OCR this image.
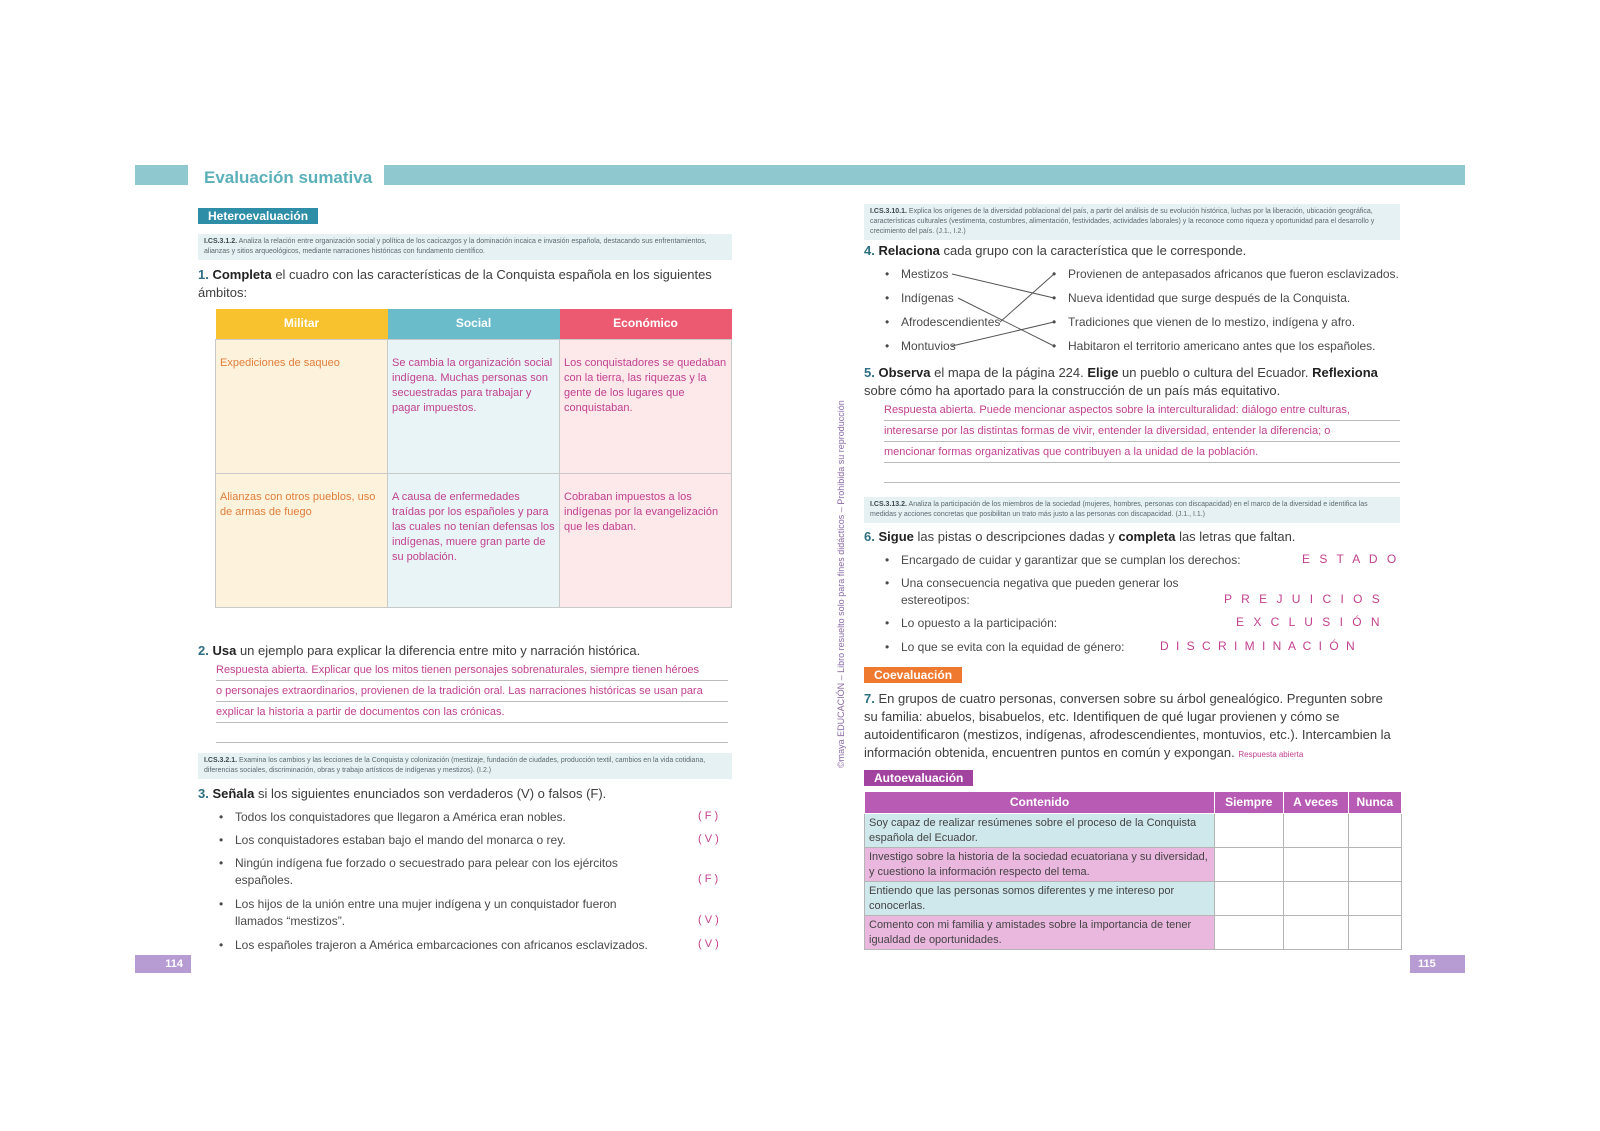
Evaluación sumativa
Heteroevaluación
I.CS.3.1.2. Analiza la relación entre organización social y política de los cacicazgos y la dominación incaica e invasión española, destacando sus enfrentamientos, alianzas y sitios arqueológicos, mediante narraciones históricas con fundamento científico.
1. Completa el cuadro con las características de la Conquista española en los siguientes ámbitos:
Militar	Social	Económico
Expediciones de saqueo	Se cambia la organización social indígena. Muchas personas son secuestradas para trabajar y pagar impuestos.	Los conquistadores se quedaban con la tierra, las riquezas y la gente de los lugares que conquistaban.
Alianzas con otros pueblos, uso de armas de fuego	A causa de enfermedades traídas por los españoles y para las cuales no tenían defensas los indígenas, muere gran parte de su población.	Cobraban impuestos a los indígenas por la evangelización que les daban.
2. Usa un ejemplo para explicar la diferencia entre mito y narración histórica.
Respuesta abierta. Explicar que los mitos tienen personajes sobrenaturales, siempre tienen héroes
o personajes extraordinarios, provienen de la tradición oral. Las narraciones históricas se usan para
explicar la historia a partir de documentos con las crónicas.
I.CS.3.2.1. Examina los cambios y las lecciones de la Conquista y colonización (mestizaje, fundación de ciudades, producción textil, cambios en la vida cotidiana, diferencias sociales, discriminación, obras y trabajo artísticos de indígenas y mestizos). (I.2.)
3. Señala si los siguientes enunciados son verdaderos (V) o falsos (F).
• Todos los conquistadores que llegaron a América eran nobles.	( F )
• Los conquistadores estaban bajo el mando del monarca o rey.	( V )
• Ningún indígena fue forzado o secuestrado para pelear con los ejércitos españoles.	( F )
• Los hijos de la unión entre una mujer indígena y un conquistador fueron llamados “mestizos”.	( V )
• Los españoles trajeron a América embarcaciones con africanos esclavizados.	( V )
114
©maya EDUCACIÓN – Libro resuelto solo para fines didácticos – Prohibida su reproducción
I.CS.3.10.1. Explica los orígenes de la diversidad poblacional del país, a partir del análisis de su evolución histórica, luchas por la liberación, ubicación geográfica, características culturales (vestimenta, costumbres, alimentación, festividades, actividades laborales) y la reconoce como riqueza y oportunidad para el desarrollo y crecimiento del país. (J.1., I.2.)
4. Relaciona cada grupo con la característica que le corresponde.
• Mestizos
• Indígenas
• Afrodescendientes
• Montuvios
• Provienen de antepasados africanos que fueron esclavizados.
• Nueva identidad que surge después de la Conquista.
• Tradiciones que vienen de lo mestizo, indígena y afro.
• Habitaron el territorio americano antes que los españoles.
5. Observa el mapa de la página 224. Elige un pueblo o cultura del Ecuador. Reflexiona sobre cómo ha aportado para la construcción de un país más equitativo.
Respuesta abierta. Puede mencionar aspectos sobre la interculturalidad: diálogo entre culturas,
interesarse por las distintas formas de vivir, entender la diversidad, entender la diferencia; o
mencionar formas organizativas que contribuyen a la unidad de la población.
I.CS.3.13.2. Analiza la participación de los miembros de la sociedad (mujeres, hombres, personas con discapacidad) en el marco de la diversidad e identifica las medidas y acciones concretas que posibilitan un trato más justo a las personas con discapacidad. (J.1., I.1.)
6. Sigue las pistas o descripciones dadas y completa las letras que faltan.
• Encargado de cuidar y garantizar que se cumplan los derechos:	E S T A D O
• Una consecuencia negativa que pueden generar los estereotipos:	P R E J U I C I O S
• Lo opuesto a la participación:	E X C L U S I Ó N
• Lo que se evita con la equidad de género:	D I S C R I M I N A C I Ó N
Coevaluación
7. En grupos de cuatro personas, conversen sobre su árbol genealógico. Pregunten sobre su familia: abuelos, bisabuelos, etc. Identifiquen de qué lugar provienen y cómo se autoidentificaron (mestizos, indígenas, afrodescendientes, montuvios, etc.). Intercambien la información obtenida, encuentren puntos en común y expongan. Respuesta abierta
Autoevaluación
Contenido	Siempre	A veces	Nunca
Soy capaz de realizar resúmenes sobre el proceso de la Conquista española del Ecuador.			
Investigo sobre la historia de la sociedad ecuatoriana y su diversidad, y cuestiono la información respecto del tema.			
Entiendo que las personas somos diferentes y me intereso por conocerlas.			
Comento con mi familia y amistades sobre la importancia de tener igualdad de oportunidades.			
115
